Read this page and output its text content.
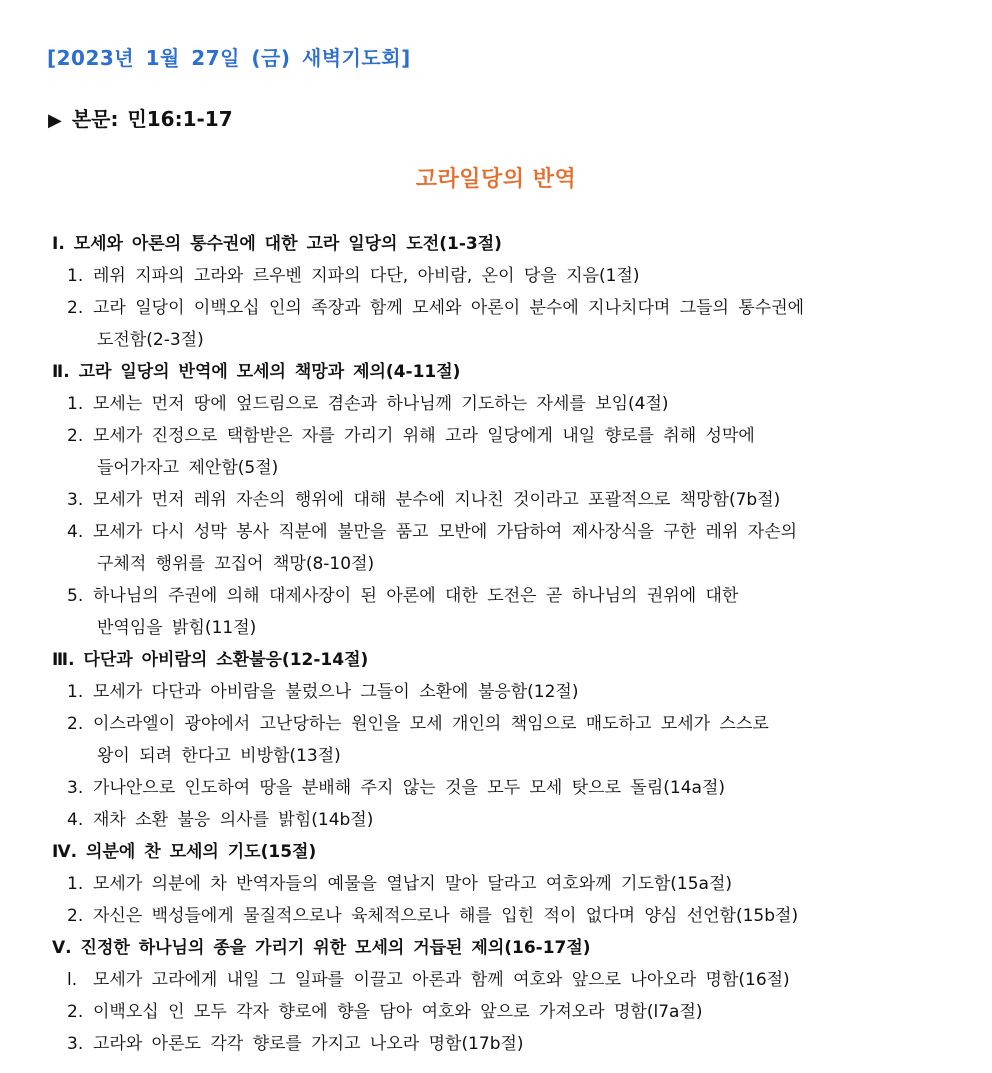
[2023년 1월 27일 (금) 새벽기도회]
▶ 본문: 민16:1-17
고라일당의 반역
Ⅰ. 모세와 아론의 통수권에 대한 고라 일당의 도전(1-3절)
1. 레위 지파의 고라와 르우벤 지파의 다단, 아비람, 온이 당을 지음(1절)
2. 고라 일당이 이백오십 인의 족장과 함께 모세와 아론이 분수에 지나치다며 그들의 통수권에
도전함(2-3절)
Ⅱ. 고라 일당의 반역에 모세의 책망과 제의(4-11절)
1. 모세는 먼저 땅에 엎드림으로 겸손과 하나님께 기도하는 자세를 보임(4절)
2. 모세가 진정으로 택함받은 자를 가리기 위해 고라 일당에게 내일 향로를 취해 성막에
들어가자고 제안함(5절)
3. 모세가 먼저 레위 자손의 행위에 대해 분수에 지나친 것이라고 포괄적으로 책망함(7b절)
4. 모세가 다시 성막 봉사 직분에 불만을 품고 모반에 가담하여 제사장식을 구한 레위 자손의
구체적 행위를 꼬집어 책망(8-10절)
5. 하나님의 주권에 의해 대제사장이 된 아론에 대한 도전은 곧 하나님의 권위에 대한
반역임을 밝힘(11절)
Ⅲ. 다단과 아비람의 소환불응(12-14절)
1. 모세가 다단과 아비람을 불렀으나 그들이 소환에 불응함(12절)
2. 이스라엘이 광야에서 고난당하는 원인을 모세 개인의 책임으로 매도하고 모세가 스스로
왕이 되려 한다고 비방함(13절)
3. 가나안으로 인도하여 땅을 분배해 주지 않는 것을 모두 모세 탓으로 돌림(14a절)
4. 재차 소환 불응 의사를 밝힘(14b절)
Ⅳ. 의분에 찬 모세의 기도(15절)
1. 모세가 의분에 차 반역자들의 예물을 열납지 말아 달라고 여호와께 기도함(15a절)
2. 자신은 백성들에게 물질적으로나 육체적으로나 해를 입힌 적이 없다며 양심 선언함(15b절)
Ⅴ. 진정한 하나님의 종을 가리기 위한 모세의 거듭된 제의(16-17절)
l. 모세가 고라에게 내일 그 일파를 이끌고 아론과 함께 여호와 앞으로 나아오라 명함(16절)
2. 이백오십 인 모두 각자 향로에 향을 담아 여호와 앞으로 가져오라 명함(l7a절)
3. 고라와 아론도 각각 향로를 가지고 나오라 명함(17b절)
